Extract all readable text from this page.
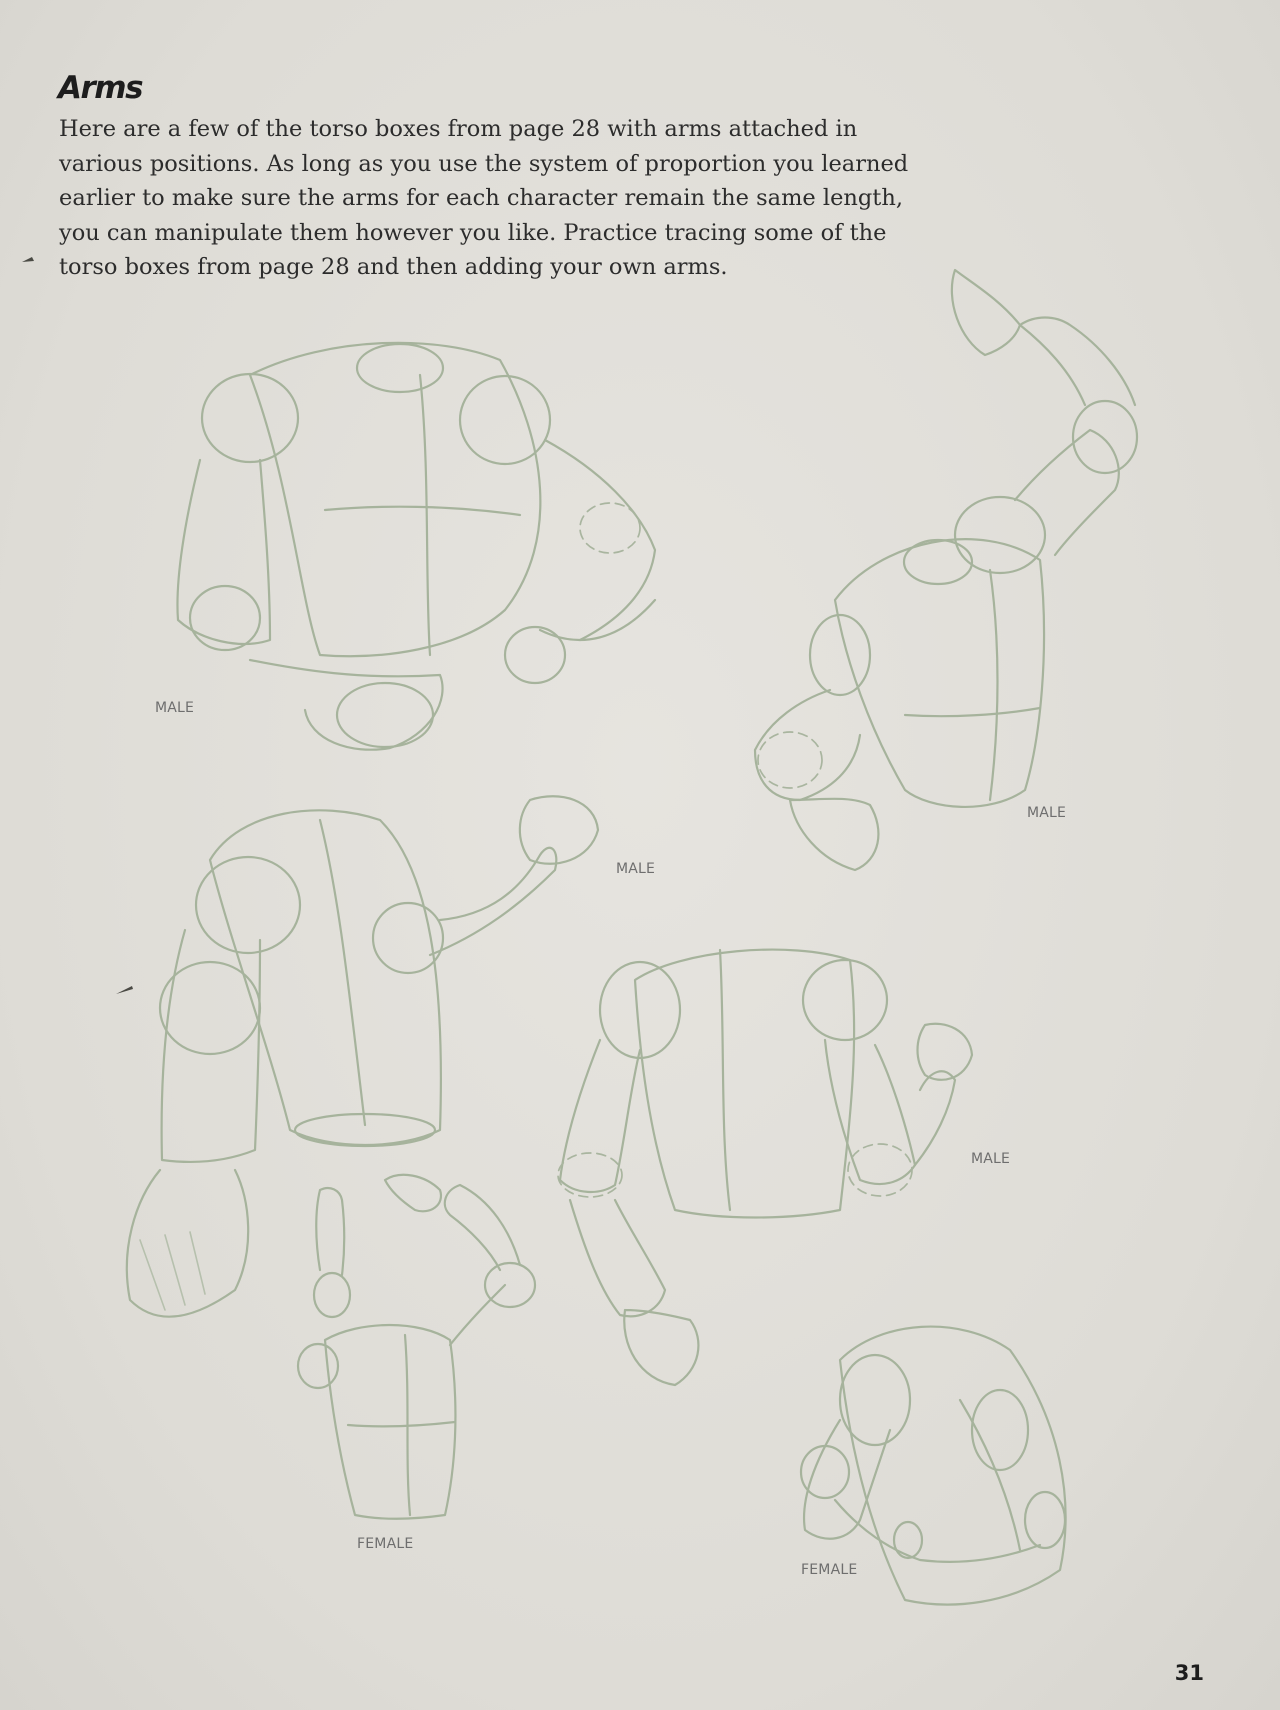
Arms
Here are a few of the torso boxes from page 28 with arms attached in various positions. As long as you use the system of proportion you learned earlier to make sure the arms for each character remain the same length, you can manipulate them however you like. Practice tracing some of the torso boxes from page 28 and then adding your own arms.
MALE
MALE
MALE
MALE
FEMALE
FEMALE
31
